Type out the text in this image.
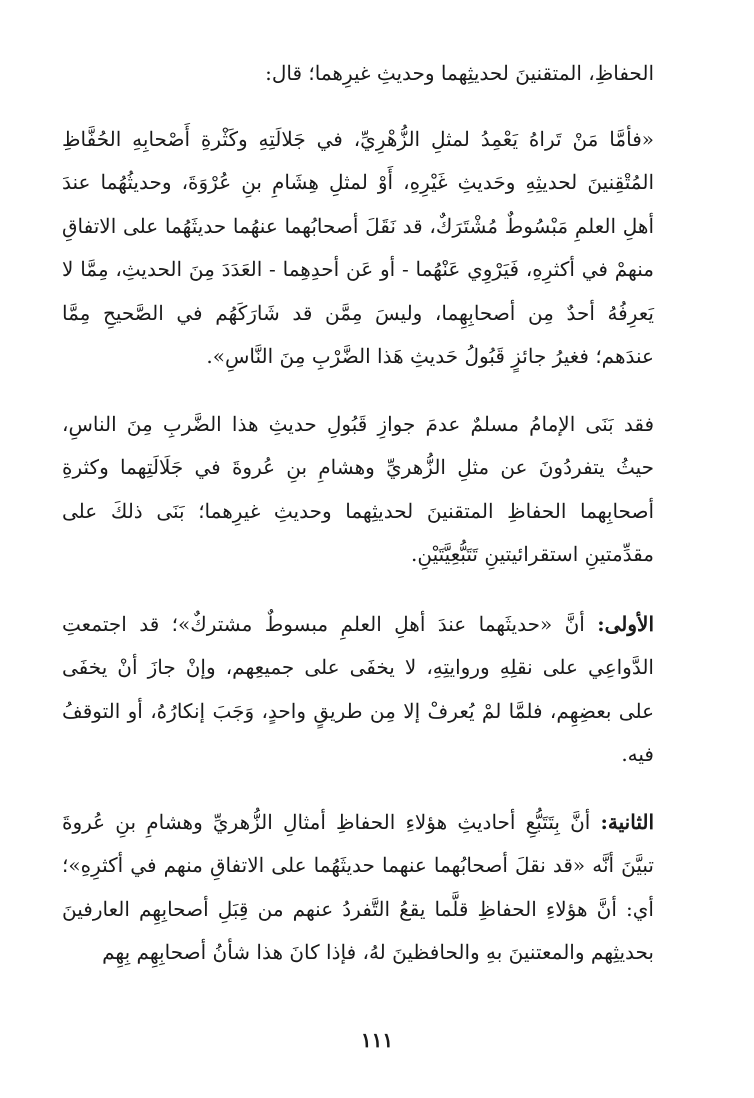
الحفاظِ، المتقنينَ لحديثِهما وحديثِ غيرِهما؛ قال:

«فأمَّا مَنْ تَراهُ يَعْمِدُ لمثلِ الزُّهْرِيِّ، في جَلالَتِهِ وكَثْرةِ أَصْحابِهِ الحُفَّاظِ المُتْقِنينَ لحديثِهِ وحَديثِ غَيْرِهِ، أَوْ لمثلِ هِشَامِ بنِ عُرْوَةَ، وحديثُهُما عندَ أهلِ العلمِ مَبْسُوطٌ مُشْتَرَكٌ، قد نَقَلَ أصحابُهما عنهُما حديثَهُما على الاتفاقِ منهمْ في أكثرِهِ، فَيَرْوِي عَنْهُما - أو عَن أحدِهِما - العَدَدَ مِنَ الحديثِ، مِمَّا لا يَعرِفُهُ أحدٌ مِن أصحابِهِما، وليسَ مِمَّن قد شَارَكَهُم في الصَّحيحِ مِمَّا عندَهم؛ فغيرُ جائزٍ قَبُولُ حَديثِ هَذا الضَّرْبِ مِنَ النَّاسِ».

فقد بَنَى الإمامُ مسلمٌ عدمَ جوازِ قَبُولِ حديثِ هذا الضَّربِ مِنَ الناسِ، حيثُ يتفردُونَ عن مثلِ الزُّهريِّ وهشامِ بنِ عُروةَ في جَلَالَتِهما وكثرةِ أصحابِهما الحفاظِ المتقنينَ لحديثِهما وحديثِ غيرِهما؛ بَنَى ذلكَ على مقدِّمتينِ استقرائيتينِ تَتَبُّعِيَّتَيْنِ.

الأولى: أنَّ «حديثَهما عندَ أهلِ العلمِ مبسوطٌ مشتركٌ»؛ قد اجتمعتِ الدَّواعِي على نقلِهِ وروايتِهِ، لا يخفَى على جميعِهم، وإنْ جازَ أنْ يخفَى على بعضِهِم، فلمَّا لمْ يُعرفْ إلا مِن طريقٍ واحدٍ، وَجَبَ إنكارُهُ، أو التوقفُ فيه.

الثانية: أنَّ بِتَتَبُّعِ أحاديثِ هؤلاءِ الحفاظِ أمثالِ الزُّهريِّ وهشامِ بنِ عُروةَ تبيَّنَ أنَّه «قد نقلَ أصحابُهما عنهما حديثَهُما على الاتفاقِ منهم في أكثرِهِ»؛ أي: أنَّ هؤلاءِ الحفاظِ قلَّما يقعُ التَّفردُ عنهم من قِبَلِ أصحابِهِم العارفينَ بحديثِهم والمعتنينَ بهِ والحافظينَ لهُ، فإذا كانَ هذا شأنُ أصحابِهِم بِهِم

١١١
